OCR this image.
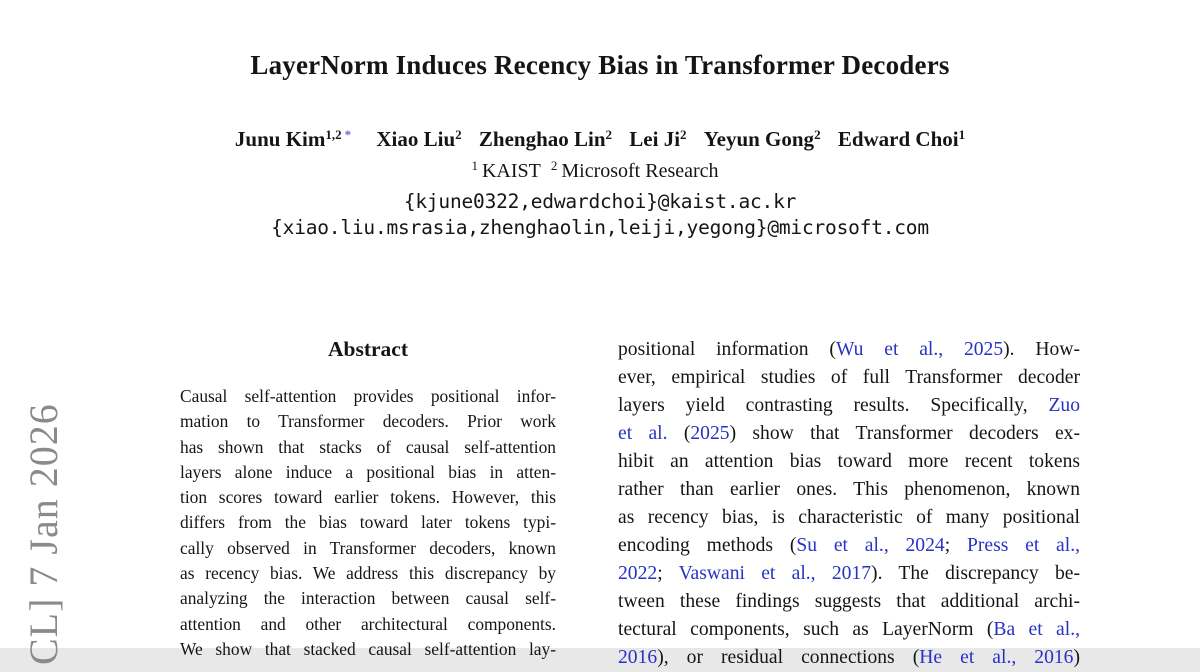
CL] 7 Jan 2026
LayerNorm Induces Recency Bias in Transformer Decoders
Junu Kim$^{1,2}$ * Xiao Liu$^2$ Zhenghao Lin$^2$ Lei Ji$^2$ Yeyun Gong$^2$ Edward Choi$^1$
$^1$ KAIST $^2$ Microsoft Research
{kjune0322,edwardchoi}@kaist.ac.kr
{xiao.liu.msrasia,zhenghaolin,leiji,yegong}@microsoft.com
Abstract
Causal self-attention provides positional infor-
mation to Transformer decoders. Prior work
has shown that stacks of causal self-attention
layers alone induce a positional bias in atten-
tion scores toward earlier tokens. However, this
differs from the bias toward later tokens typi-
cally observed in Transformer decoders, known
as recency bias. We address this discrepancy by
analyzing the interaction between causal self-
attention and other architectural components.
We show that stacked causal self-attention lay-
positional information (Wu et al., 2025). How-
ever, empirical studies of full Transformer decoder
layers yield contrasting results. Specifically, Zuo
et al. (2025) show that Transformer decoders ex-
hibit an attention bias toward more recent tokens
rather than earlier ones. This phenomenon, known
as recency bias, is characteristic of many positional
encoding methods (Su et al., 2024; Press et al.,
2022; Vaswani et al., 2017). The discrepancy be-
tween these findings suggests that additional archi-
tectural components, such as LayerNorm (Ba et al.,
2016), or residual connections (He et al., 2016)
